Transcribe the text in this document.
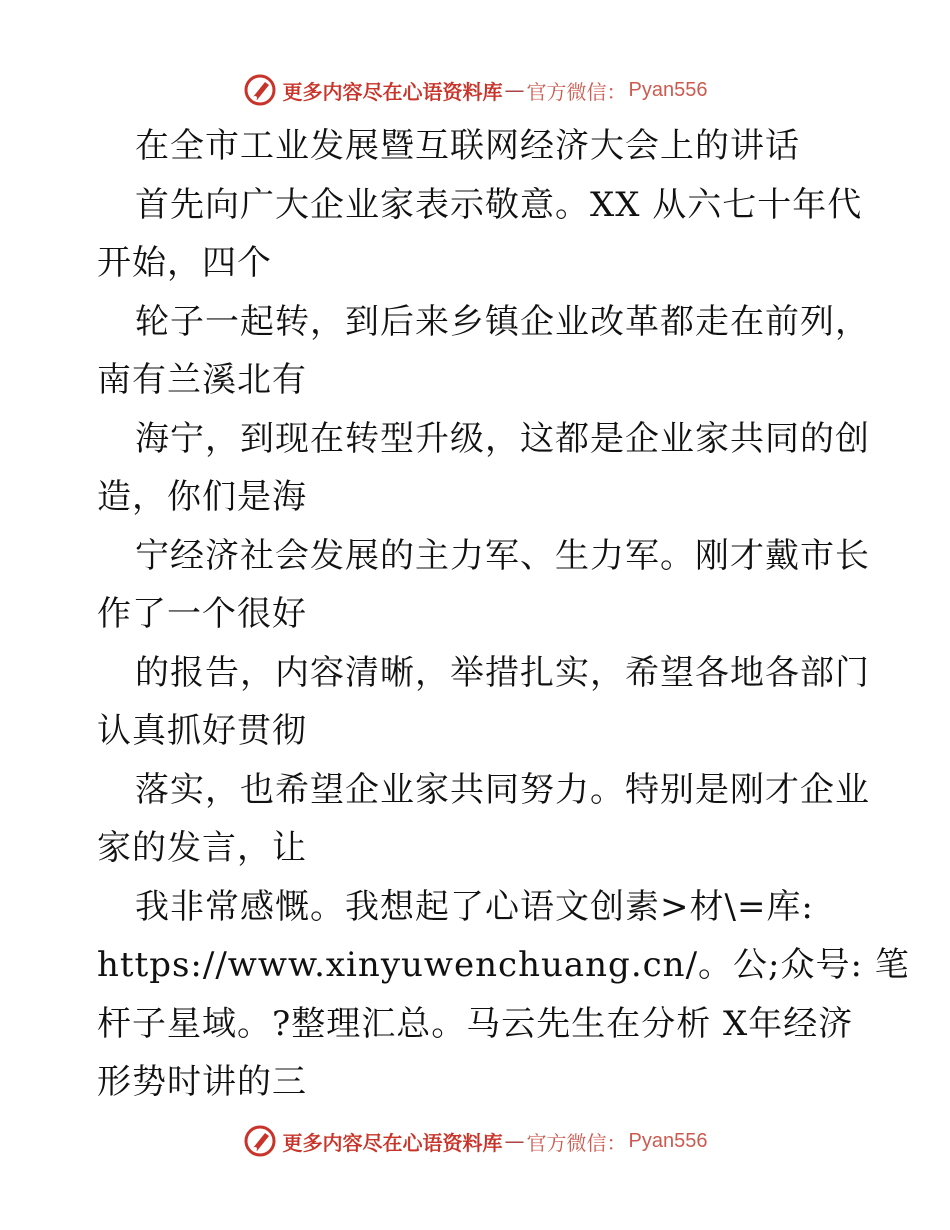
更多内容尽在心语资料库 — 官方微信： Pyan556
在全市工业发展暨互联网经济大会上的讲话
首先向广大企业家表示敬意。XX 从六七十年代
开始，四个
轮子一起转，到后来乡镇企业改革都走在前列，
南有兰溪北有
海宁，到现在转型升级，这都是企业家共同的创
造，你们是海
宁经济社会发展的主力军、生力军。刚才戴市长
作了一个很好
的报告，内容清晰，举措扎实，希望各地各部门
认真抓好贯彻
落实，也希望企业家共同努力。特别是刚才企业
家的发言，让
我非常感慨。我想起了心语文创素>材\=库:
https://www.xinyuwenchuang.cn/。公;众号: 笔
杆子星域。?整理汇总。马云先生在分析 X年经济
形势时讲的三
更多内容尽在心语资料库 — 官方微信： Pyan556
